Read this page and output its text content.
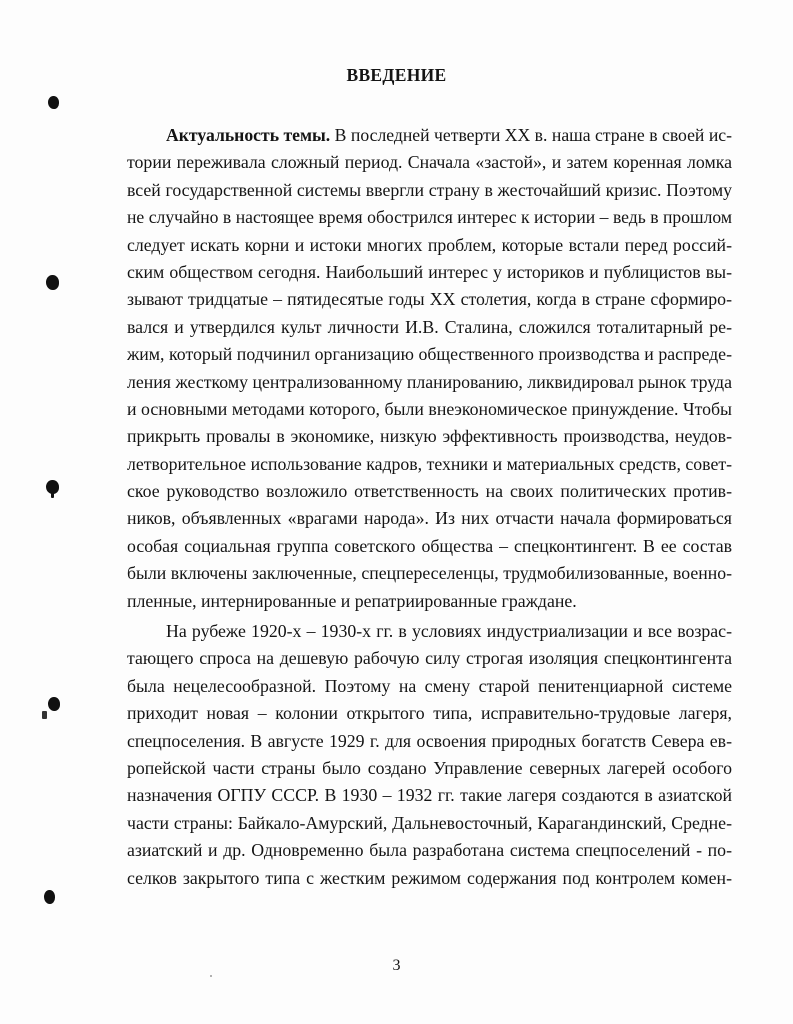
ВВЕДЕНИЕ
Актуальность темы. В последней четверти XX в. наша стране в своей ис-
тории переживала сложный период. Сначала «застой», и затем коренная ломка
всей государственной системы ввергли страну в жесточайший кризис. Поэтому
не случайно в настоящее время обострился интерес к истории – ведь в прошлом
следует искать корни и истоки многих проблем, которые встали перед россий-
ским обществом сегодня. Наибольший интерес у историков и публицистов вы-
зывают тридцатые – пятидесятые годы XX столетия, когда в стране сформиро-
вался и утвердился культ личности И.В. Сталина, сложился тоталитарный ре-
жим, который подчинил организацию общественного производства и распреде-
ления жесткому централизованному планированию, ликвидировал рынок труда
и основными методами которого, были внеэкономическое принуждение. Чтобы
прикрыть провалы в экономике, низкую эффективность производства, неудов-
летворительное использование кадров, техники и материальных средств, совет-
ское руководство возложило ответственность на своих политических против-
ников, объявленных «врагами народа». Из них отчасти начала формироваться
особая социальная группа советского общества – спецконтингент. В ее состав
были включены заключенные, спецпереселенцы, трудмобилизованные, военно-
пленные, интернированные и репатриированные граждане.
На рубеже 1920-х – 1930-х гг. в условиях индустриализации и все возрас-
тающего спроса на дешевую рабочую силу строгая изоляция спецконтингента
была нецелесообразной. Поэтому на смену старой пенитенциарной системе
приходит новая – колонии открытого типа, исправительно-трудовые лагеря,
спецпоселения. В августе 1929 г. для освоения природных богатств Севера ев-
ропейской части страны было создано Управление северных лагерей особого
назначения ОГПУ СССР. В 1930 – 1932 гг. такие лагеря создаются в азиатской
части страны: Байкало-Амурский, Дальневосточный, Карагандинский, Средне-
азиатский и др. Одновременно была разработана система спецпоселений - по-
селков закрытого типа с жестким режимом содержания под контролем комен-
3
